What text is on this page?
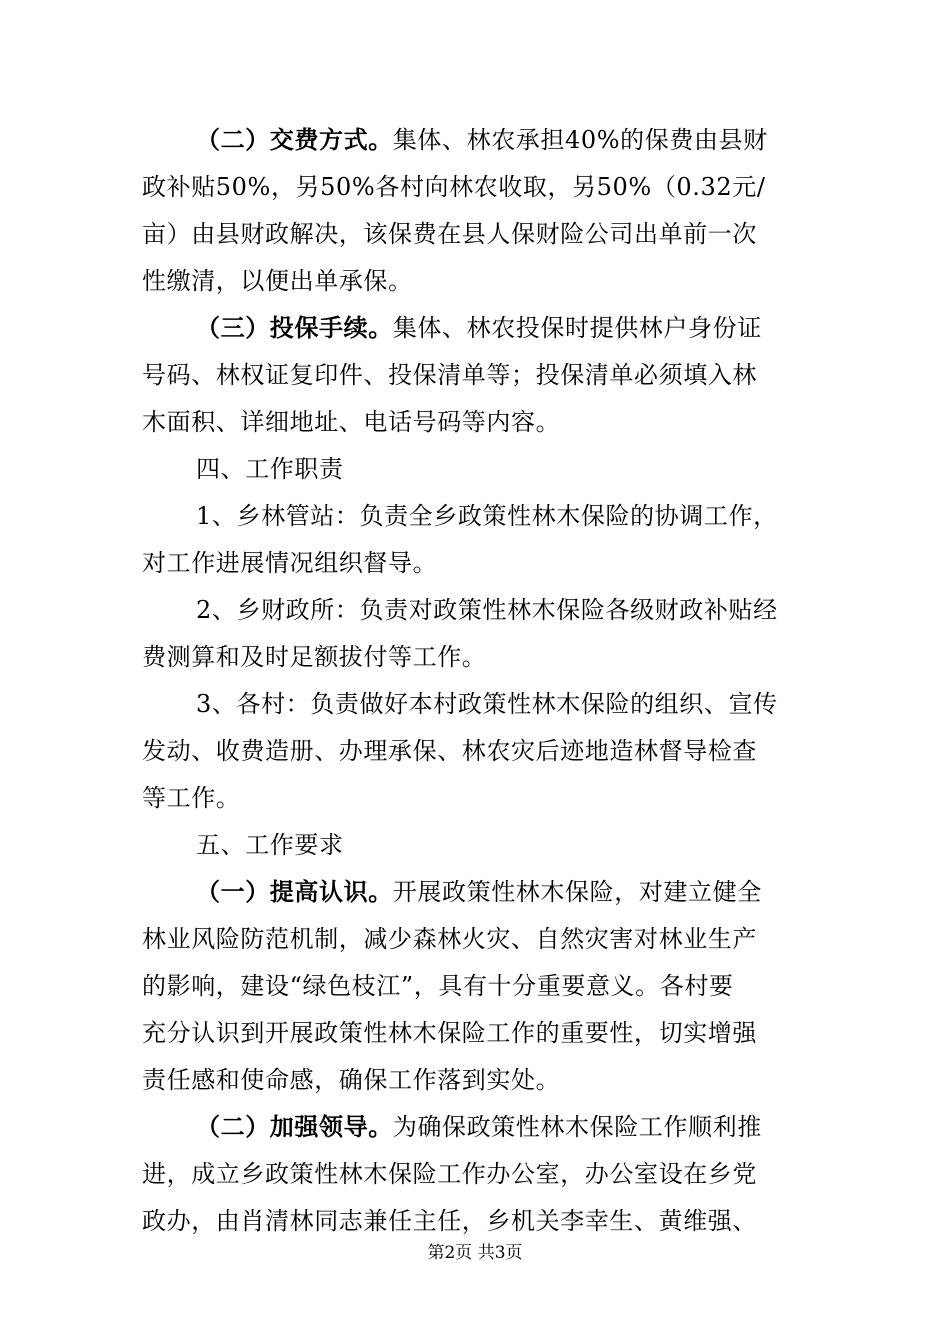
（二）交费方式。集体、林农承担40%的保费由县财
政补贴50%，另50%各村向林农收取，另50%（0.32元/
亩）由县财政解决，该保费在县人保财险公司出单前一次
性缴清，以便出单承保。
（三）投保手续。集体、林农投保时提供林户身份证
号码、林权证复印件、投保清单等；投保清单必须填入林
木面积、详细地址、电话号码等内容。
四、工作职责
1、乡林管站：负责全乡政策性林木保险的协调工作，
对工作进展情况组织督导。
2、乡财政所：负责对政策性林木保险各级财政补贴经
费测算和及时足额拔付等工作。
3、各村：负责做好本村政策性林木保险的组织、宣传
发动、收费造册、办理承保、林农灾后迹地造林督导检查
等工作。
五、工作要求
（一）提高认识。开展政策性林木保险，对建立健全
林业风险防范机制，减少森林火灾、自然灾害对林业生产
的影响，建设“绿色枝江”，具有十分重要意义。各村要
充分认识到开展政策性林木保险工作的重要性，切实增强
责任感和使命感，确保工作落到实处。
（二）加强领导。为确保政策性林木保险工作顺利推
进，成立乡政策性林木保险工作办公室，办公室设在乡党
政办，由肖清林同志兼任主任，乡机关李幸生、黄维强、
第2页 共3页
